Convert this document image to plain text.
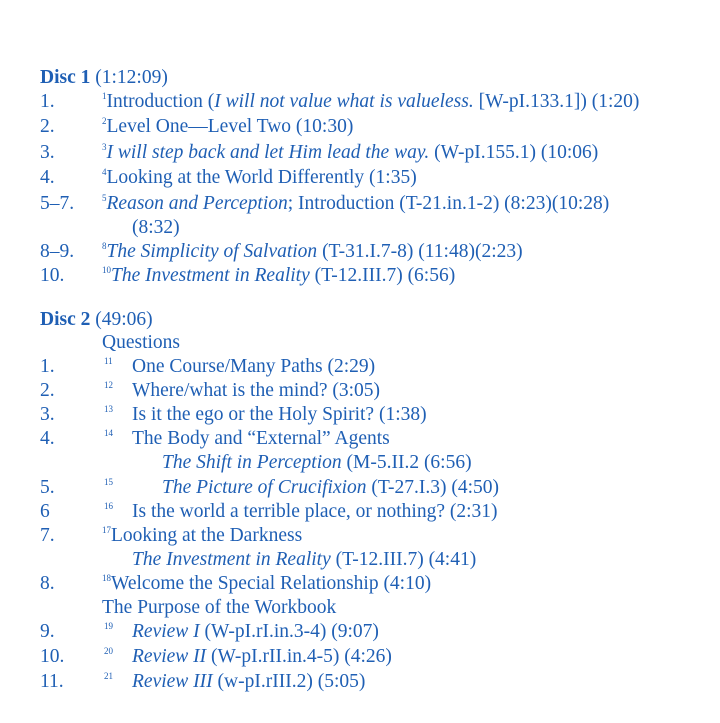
Disc 1 (1:12:09)
1.	$^1$Introduction (I will not value what is valueless. [W-pI.133.1]) (1:20)
2.	$^2$Level One—Level Two (10:30)
3.	$^3$I will step back and let Him lead the way. (W-pI.155.1) (10:06)
4.	$^4$Looking at the World Differently (1:35)
5–7.	$^5$Reason and Perception; Introduction (T-21.in.1-2) (8:23)(10:28)
(8:32)
8–9.	$^8$The Simplicity of Salvation (T-31.I.7-8) (11:48)(2:23)
10.	$^{10}$The Investment in Reality (T-12.III.7) (6:56)
Disc 2 (49:06)
Questions
1.	11 One Course/Many Paths (2:29)
2.	12 Where/what is the mind? (3:05)
3.	13 Is it the ego or the Holy Spirit? (1:38)
4.	14 The Body and “External” Agents
The Shift in Perception (M-5.II.2 (6:56)
5.	15	The Picture of Crucifixion (T-27.I.3) (4:50)
6	16 Is the world a terrible place, or nothing? (2:31)
7.	$^{17}$Looking at the Darkness
The Investment in Reality (T-12.III.7) (4:41)
8.	$^{18}$Welcome the Special Relationship (4:10)
The Purpose of the Workbook
9.	19 Review I (W-pI.rI.in.3-4) (9:07)
10.	20 Review II (W-pI.rII.in.4-5) (4:26)
11.	21 Review III (w-pI.rIII.2) (5:05)
